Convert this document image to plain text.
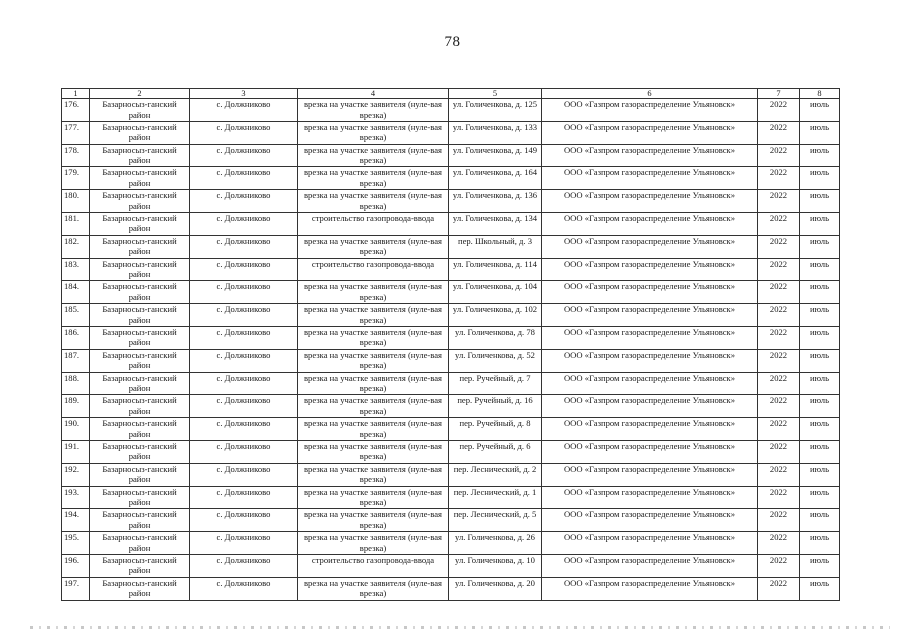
78
1	2	3	4	5	6	7	8
176.	Базарносыз-ганский район	с. Должниково	врезка на участке заявителя (нуле-вая врезка)	ул. Голиченкова, д. 125	ООО «Газпром газораспределение Ульяновск»	2022	июль
177.	Базарносыз-ганский район	с. Должниково	врезка на участке заявителя (нуле-вая врезка)	ул. Голиченкова, д. 133	ООО «Газпром газораспределение Ульяновск»	2022	июль
178.	Базарносыз-ганский район	с. Должниково	врезка на участке заявителя (нуле-вая врезка)	ул. Голиченкова, д. 149	ООО «Газпром газораспределение Ульяновск»	2022	июль
179.	Базарносыз-ганский район	с. Должниково	врезка на участке заявителя (нуле-вая врезка)	ул. Голиченкова, д. 164	ООО «Газпром газораспределение Ульяновск»	2022	июль
180.	Базарносыз-ганский район	с. Должниково	врезка на участке заявителя (нуле-вая врезка)	ул. Голиченкова, д. 136	ООО «Газпром газораспределение Ульяновск»	2022	июль
181.	Базарносыз-ганский район	с. Должниково	строительство газопровода-ввода	ул. Голиченкова, д. 134	ООО «Газпром газораспределение Ульяновск»	2022	июль
182.	Базарносыз-ганский район	с. Должниково	врезка на участке заявителя (нуле-вая врезка)	пер. Школьный, д. 3	ООО «Газпром газораспределение Ульяновск»	2022	июль
183.	Базарносыз-ганский район	с. Должниково	строительство газопровода-ввода	ул. Голиченкова, д. 114	ООО «Газпром газораспределение Ульяновск»	2022	июль
184.	Базарносыз-ганский район	с. Должниково	врезка на участке заявителя (нуле-вая врезка)	ул. Голиченкова, д. 104	ООО «Газпром газораспределение Ульяновск»	2022	июль
185.	Базарносыз-ганский район	с. Должниково	врезка на участке заявителя (нуле-вая врезка)	ул. Голиченкова, д. 102	ООО «Газпром газораспределение Ульяновск»	2022	июль
186.	Базарносыз-ганский район	с. Должниково	врезка на участке заявителя (нуле-вая врезка)	ул. Голиченкова, д. 78	ООО «Газпром газораспределение Ульяновск»	2022	июль
187.	Базарносыз-ганский район	с. Должниково	врезка на участке заявителя (нуле-вая врезка)	ул. Голиченкова, д. 52	ООО «Газпром газораспределение Ульяновск»	2022	июль
188.	Базарносыз-ганский район	с. Должниково	врезка на участке заявителя (нуле-вая врезка)	пер. Ручейный, д. 7	ООО «Газпром газораспределение Ульяновск»	2022	июль
189.	Базарносыз-ганский район	с. Должниково	врезка на участке заявителя (нуле-вая врезка)	пер. Ручейный, д. 16	ООО «Газпром газораспределение Ульяновск»	2022	июль
190.	Базарносыз-ганский район	с. Должниково	врезка на участке заявителя (нуле-вая врезка)	пер. Ручейный, д. 8	ООО «Газпром газораспределение Ульяновск»	2022	июль
191.	Базарносыз-ганский район	с. Должниково	врезка на участке заявителя (нуле-вая врезка)	пер. Ручейный, д. 6	ООО «Газпром газораспределение Ульяновск»	2022	июль
192.	Базарносыз-ганский район	с. Должниково	врезка на участке заявителя (нуле-вая врезка)	пер. Леснический, д. 2	ООО «Газпром газораспределение Ульяновск»	2022	июль
193.	Базарносыз-ганский район	с. Должниково	врезка на участке заявителя (нуле-вая врезка)	пер. Леснический, д. 1	ООО «Газпром газораспределение Ульяновск»	2022	июль
194.	Базарносыз-ганский район	с. Должниково	врезка на участке заявителя (нуле-вая врезка)	пер. Леснический, д. 5	ООО «Газпром газораспределение Ульяновск»	2022	июль
195.	Базарносыз-ганский район	с. Должниково	врезка на участке заявителя (нуле-вая врезка)	ул. Голиченкова, д. 26	ООО «Газпром газораспределение Ульяновск»	2022	июль
196.	Базарносыз-ганский район	с. Должниково	строительство газопровода-ввода	ул. Голиченкова, д. 10	ООО «Газпром газораспределение Ульяновск»	2022	июль
197.	Базарносыз-ганский район	с. Должниково	врезка на участке заявителя (нуле-вая врезка)	ул. Голиченкова, д. 20	ООО «Газпром газораспределение Ульяновск»	2022	июль
